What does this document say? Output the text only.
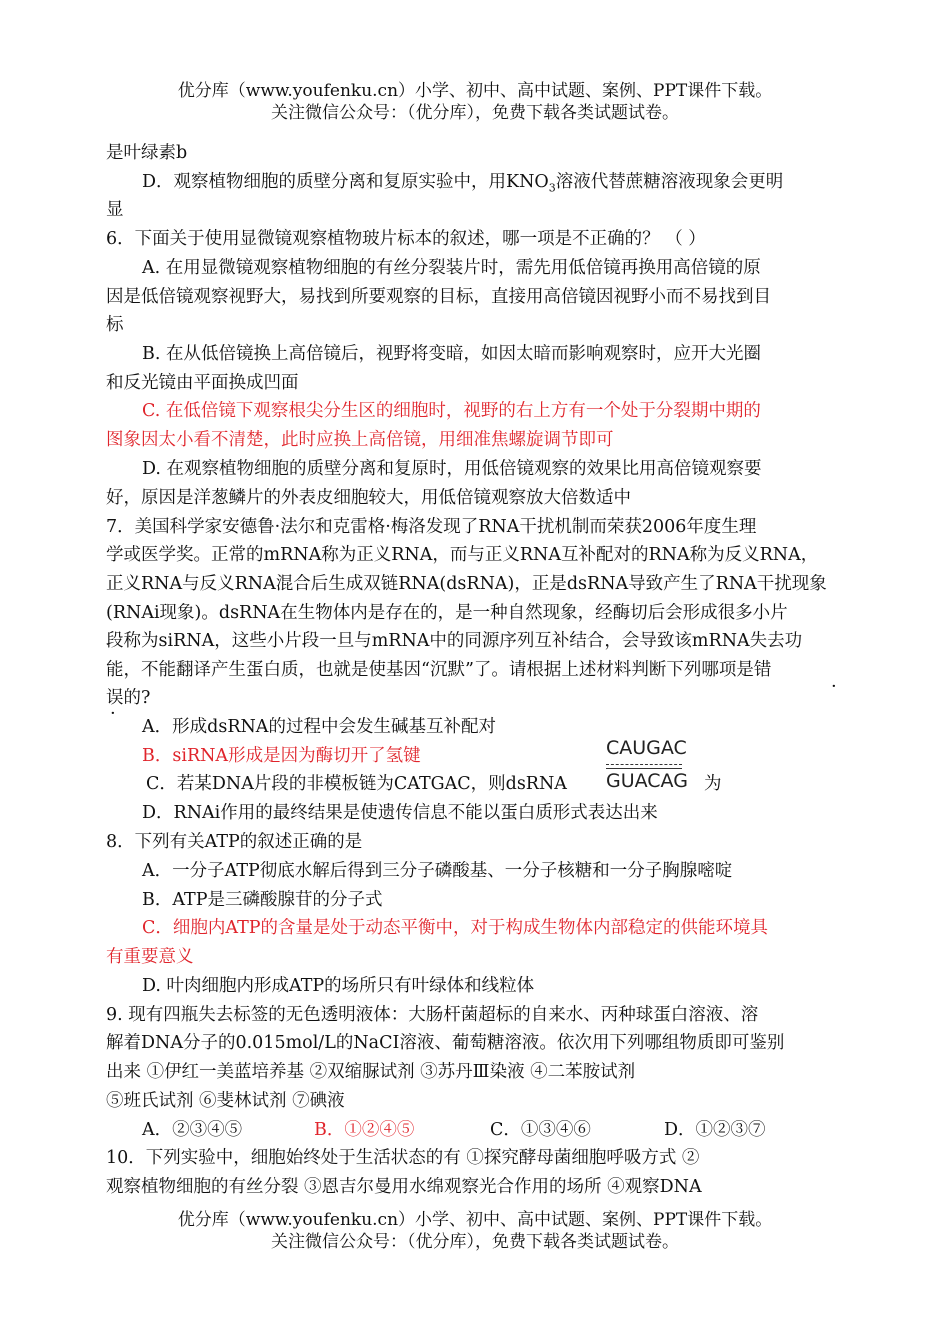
优分库（www.youfenku.cn）小学、初中、高中试题、案例、PPT课件下载。
关注微信公众号：（优分库），免费下载各类试题试卷。
是叶绿素b
D．观察植物细胞的质壁分离和复原实验中，用$KNO_3$溶液代替蔗糖溶液现象会更明
显
6．下面关于使用显微镜观察植物玻片标本的叙述，哪一项是不正确的？ （ ）
A. 在用显微镜观察植物细胞的有丝分裂装片时，需先用低倍镜再换用高倍镜的原
因是低倍镜观察视野大，易找到所要观察的目标，直接用高倍镜因视野小而不易找到目
标
B. 在从低倍镜换上高倍镜后，视野将变暗，如因太暗而影响观察时，应开大光圈
和反光镜由平面换成凹面
C. 在低倍镜下观察根尖分生区的细胞时，视野的右上方有一个处于分裂期中期的
图象因太小看不清楚，此时应换上高倍镜，用细准焦螺旋调节即可
D. 在观察植物细胞的质壁分离和复原时，用低倍镜观察的效果比用高倍镜观察要
好，原因是洋葱鳞片的外表皮细胞较大，用低倍镜观察放大倍数适中
7．美国科学家安德鲁·法尔和克雷格·梅洛发现了RNA干扰机制而荣获2006年度生理
学或医学奖。正常的mRNA称为正义RNA，而与正义RNA互补配对的RNA称为反义RNA，
正义RNA与反义RNA混合后生成双链RNA(dsRNA)，正是dsRNA导致产生了RNA干扰现象
(RNAi现象)。dsRNA在生物体内是存在的，是一种自然现象，经酶切后会形成很多小片
段称为siRNA，这些小片段一旦与mRNA中的同源序列互补结合，会导致该mRNA失去功
能，不能翻译产生蛋白质，也就是使基因“沉默”了。请根据上述材料判断下列哪项是错
·
误的?
·
A．形成dsRNA的过程中会发生碱基互补配对
B．siRNA形成是因为酶切开了氢键
C．若某DNA片段的非模板链为CATGAC，则dsRNA
CAUGAC
GUACAG 为
D．RNAi作用的最终结果是使遗传信息不能以蛋白质形式表达出来
8．下列有关ATP的叙述正确的是
A．一分子ATP彻底水解后得到三分子磷酸基、一分子核糖和一分子胸腺嘧啶
B．ATP是三磷酸腺苷的分子式
C．细胞内ATP的含量是处于动态平衡中，对于构成生物体内部稳定的供能环境具
有重要意义
D. 叶肉细胞内形成ATP的场所只有叶绿体和线粒体
9. 现有四瓶失去标签的无色透明液体：大肠杆菌超标的自来水、丙种球蛋白溶液、溶
解着DNA分子的0.015mol/L的NaCI溶液、葡萄糖溶液。依次用下列哪组物质即可鉴别
出来 ①伊红一美蓝培养基 ②双缩脲试剂 ③苏丹Ⅲ染液 ④二苯胺试剂
⑤班氏试剂 ⑥斐林试剂 ⑦碘液
A．②③④⑤	B．①②④⑤	C．①③④⑥	D．①②③⑦
10．下列实验中，细胞始终处于生活状态的有 ①探究酵母菌细胞呼吸方式 ②
观察植物细胞的有丝分裂 ③恩吉尔曼用水绵观察光合作用的场所 ④观察DNA
优分库（www.youfenku.cn）小学、初中、高中试题、案例、PPT课件下载。
关注微信公众号：（优分库），免费下载各类试题试卷。
